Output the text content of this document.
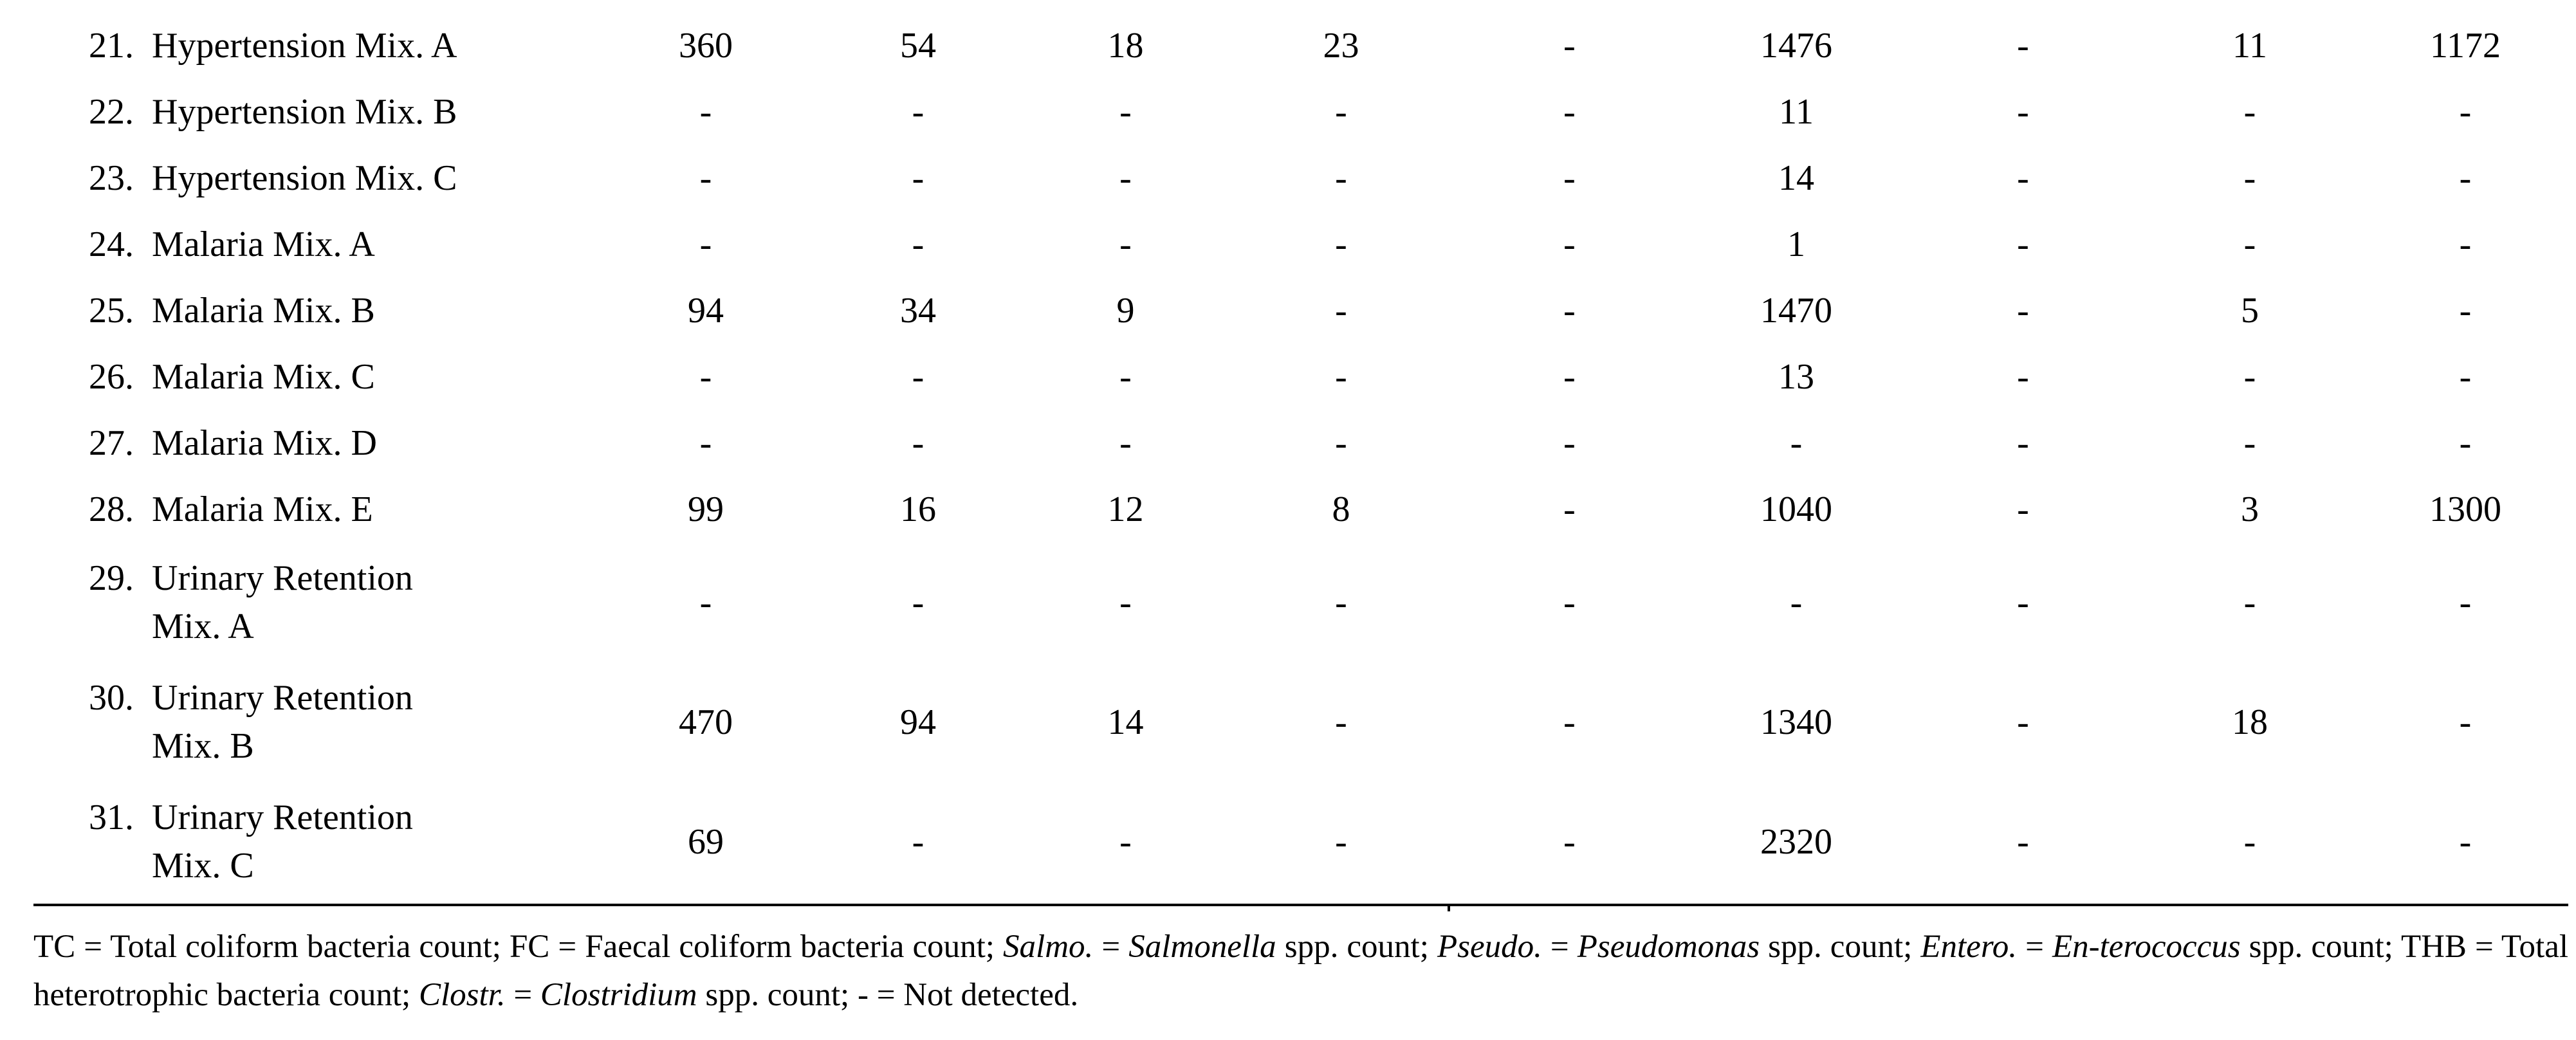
21. Hypertension Mix. A	360	54	18	23	-	1476	-	11	1172

22. Hypertension Mix. B	-	-	-	-	-	11	-	-	-

23. Hypertension Mix. C	-	-	-	-	-	14	-	-	-

24. Malaria Mix. A	-	-	-	-	-	1	-	-	-

25. Malaria Mix. B	94	34	9	-	-	1470	-	5	-

26. Malaria Mix. C	-	-	-	-	-	13	-	-	-

27. Malaria Mix. D	-	-	-	-	-	-	-	-	-

28. Malaria Mix. E	99	16	12	8	-	1040	-	3	1300

29. Urinary Retention
Mix. A	-	-	-	-	-	-	-	-	-

30. Urinary Retention
Mix. B	470	94	14	-	-	1340	-	18	-

31. Urinary Retention
Mix. C	69	-	-	-	-	2320	-	-	-
TC = Total coliform bacteria count; FC = Faecal coliform bacteria count; Salmo. = Salmonella spp. count; Pseudo. = Pseudomonas spp. count; Entero. = En-terococcus spp. count; THB = Total heterotrophic bacteria count; Clostr. = Clostridium spp. count; - = Not detected.
